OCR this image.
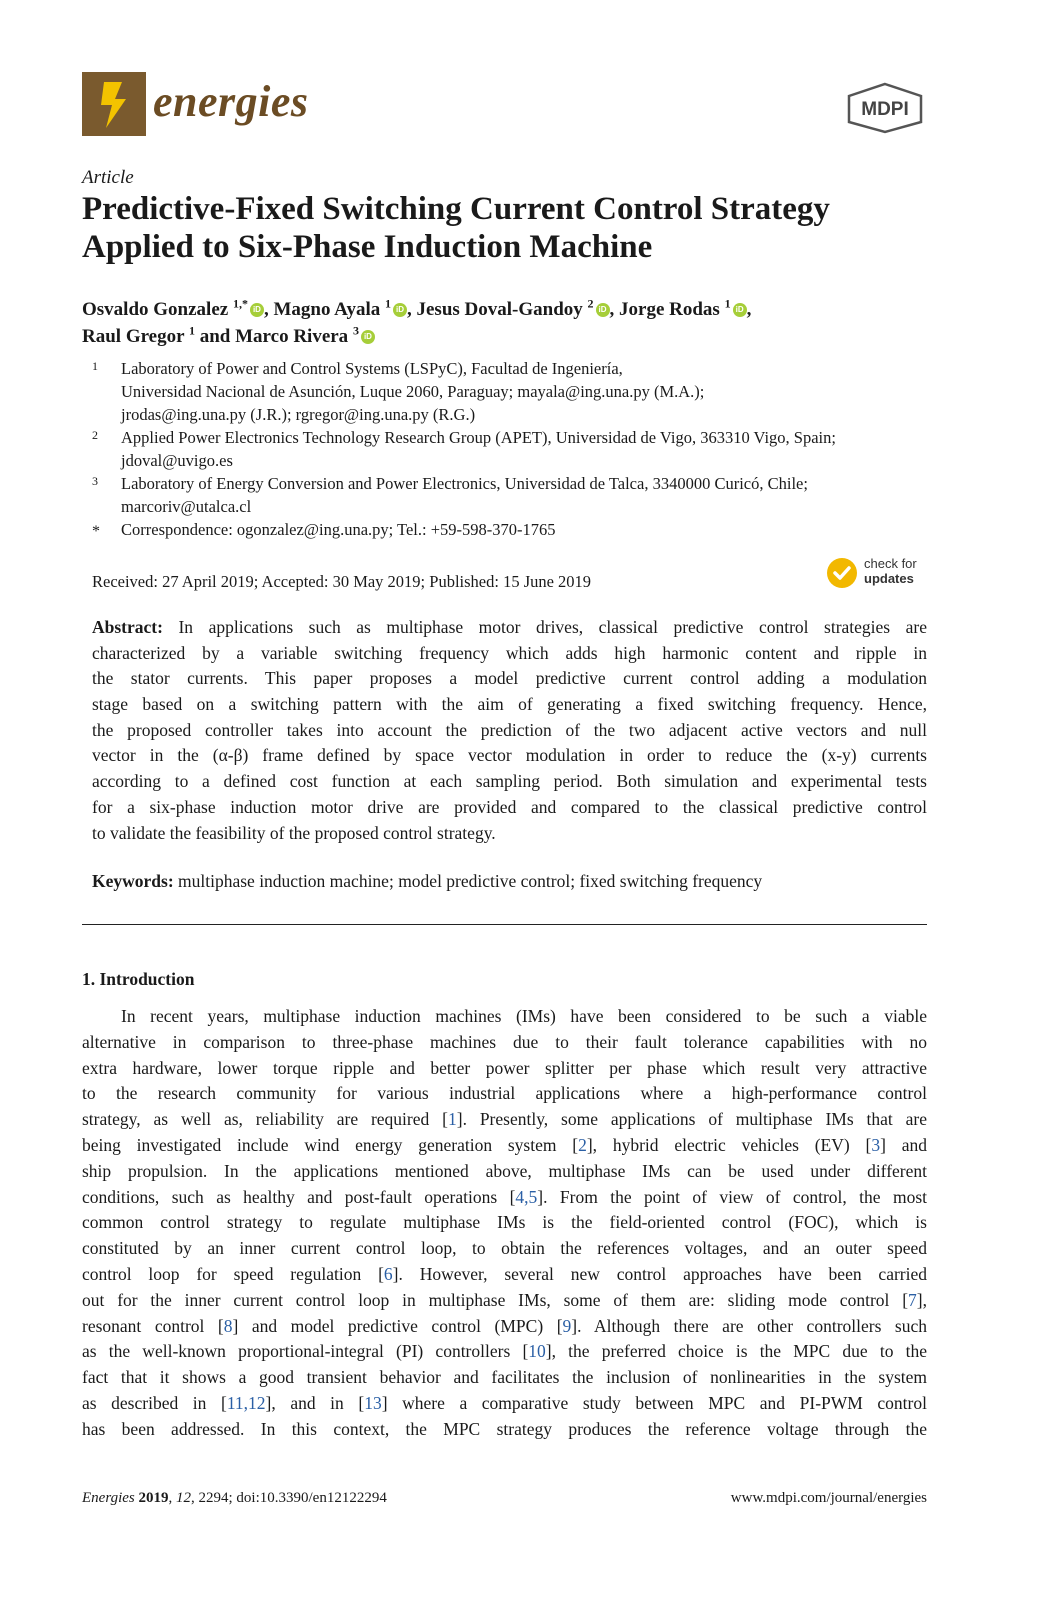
energies	MDPI
Article
Predictive-Fixed Switching Current Control Strategy
Applied to Six-Phase Induction Machine
Osvaldo Gonzalez $^{1,*}$ iD , Magno Ayala $^1$ iD , Jesus Doval-Gandoy $^2$ iD , Jorge Rodas $^1$ iD ,
Raul Gregor $^1$ and Marco Rivera $^3$ iD
1 Laboratory of Power and Control Systems (LSPyC), Facultad de Ingeniería,
Universidad Nacional de Asunción, Luque 2060, Paraguay; mayala@ing.una.py (M.A.);
jrodas@ing.una.py (J.R.); rgregor@ing.una.py (R.G.)
2 Applied Power Electronics Technology Research Group (APET), Universidad de Vigo, 363310 Vigo, Spain;
jdoval@uvigo.es
3 Laboratory of Energy Conversion and Power Electronics, Universidad de Talca, 3340000 Curicó, Chile;
marcoriv@utalca.cl
* Correspondence: ogonzalez@ing.una.py; Tel.: +59-598-370-1765
Received: 27 April 2019; Accepted: 30 May 2019; Published: 15 June 2019
check for
updates
Abstract: In applications such as multiphase motor drives, classical predictive control strategies are
characterized by a variable switching frequency which adds high harmonic content and ripple in
the stator currents. This paper proposes a model predictive current control adding a modulation
stage based on a switching pattern with the aim of generating a fixed switching frequency. Hence,
the proposed controller takes into account the prediction of the two adjacent active vectors and null
vector in the (α-β) frame defined by space vector modulation in order to reduce the (x-y) currents
according to a defined cost function at each sampling period. Both simulation and experimental tests
for a six-phase induction motor drive are provided and compared to the classical predictive control
to validate the feasibility of the proposed control strategy.
Keywords: multiphase induction machine; model predictive control; fixed switching frequency
1. Introduction
In recent years, multiphase induction machines (IMs) have been considered to be such a viable
alternative in comparison to three-phase machines due to their fault tolerance capabilities with no
extra hardware, lower torque ripple and better power splitter per phase which result very attractive
to the research community for various industrial applications where a high-performance control
strategy, as well as, reliability are required [1]. Presently, some applications of multiphase IMs that are
being investigated include wind energy generation system [2], hybrid electric vehicles (EV) [3] and
ship propulsion. In the applications mentioned above, multiphase IMs can be used under different
conditions, such as healthy and post-fault operations [4,5]. From the point of view of control, the most
common control strategy to regulate multiphase IMs is the field-oriented control (FOC), which is
constituted by an inner current control loop, to obtain the references voltages, and an outer speed
control loop for speed regulation [6]. However, several new control approaches have been carried
out for the inner current control loop in multiphase IMs, some of them are: sliding mode control [7],
resonant control [8] and model predictive control (MPC) [9]. Although there are other controllers such
as the well-known proportional-integral (PI) controllers [10], the preferred choice is the MPC due to the
fact that it shows a good transient behavior and facilitates the inclusion of nonlinearities in the system
as described in [11,12], and in [13] where a comparative study between MPC and PI-PWM control
has been addressed. In this context, the MPC strategy produces the reference voltage through the
Energies 2019, 12, 2294; doi:10.3390/en12122294	www.mdpi.com/journal/energies
